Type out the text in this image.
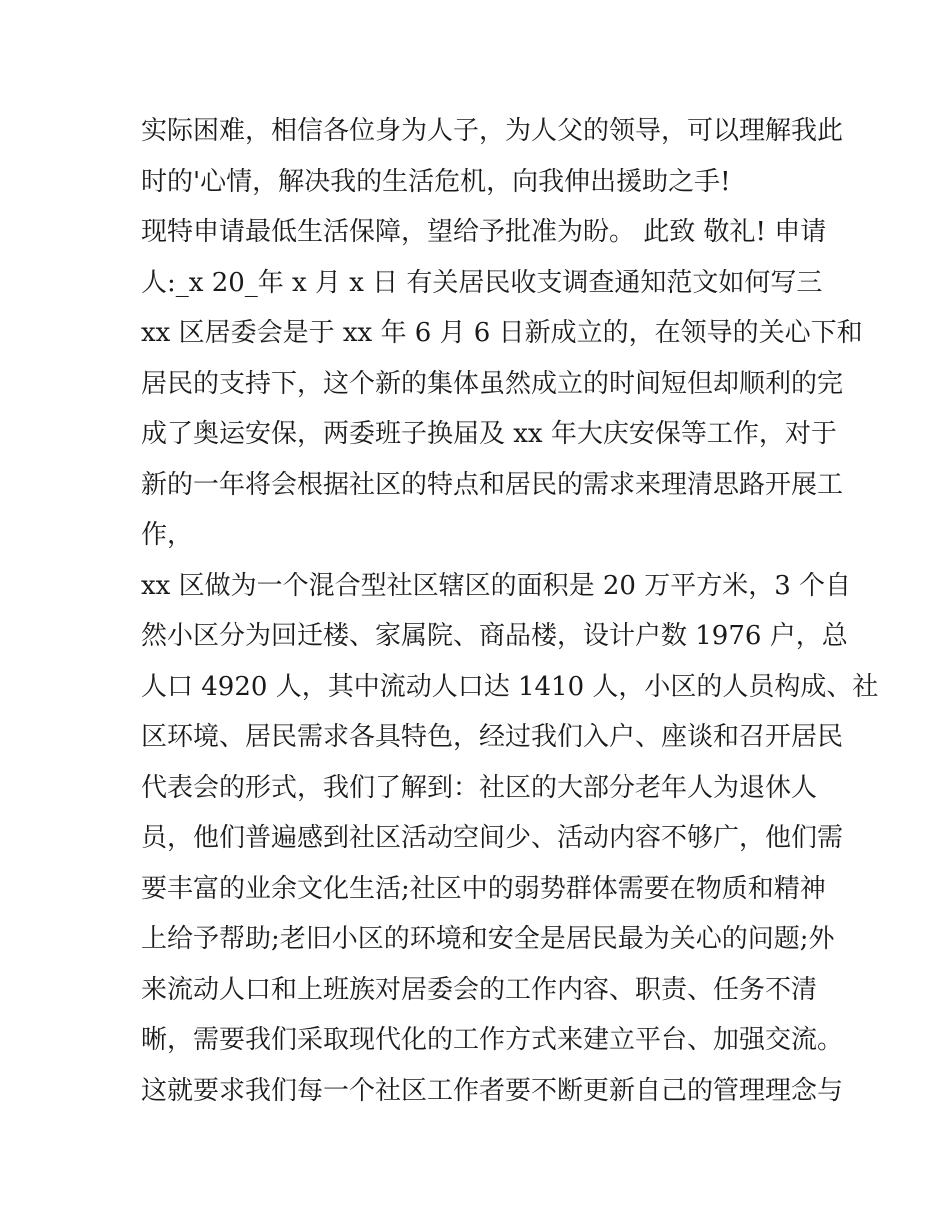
实际困难，相信各位身为人子，为人父的领导，可以理解我此
时的'心情，解决我的生活危机，向我伸出援助之手!
现特申请最低生活保障，望给予批准为盼。 此致 敬礼! 申请
人:_x 20_年 x 月 x 日 有关居民收支调查通知范文如何写三
xx 区居委会是于 xx 年 6 月 6 日新成立的，在领导的关心下和
居民的支持下，这个新的集体虽然成立的时间短但却顺利的完
成了奥运安保，两委班子换届及 xx 年大庆安保等工作，对于
新的一年将会根据社区的特点和居民的需求来理清思路开展工
作，
xx 区做为一个混合型社区辖区的面积是 20 万平方米，3 个自
然小区分为回迁楼、家属院、商品楼，设计户数 1976 户，总
人口 4920 人，其中流动人口达 1410 人，小区的人员构成、社
区环境、居民需求各具特色，经过我们入户、座谈和召开居民
代表会的形式，我们了解到：社区的大部分老年人为退休人
员，他们普遍感到社区活动空间少、活动内容不够广，他们需
要丰富的业余文化生活;社区中的弱势群体需要在物质和精神
上给予帮助;老旧小区的环境和安全是居民最为关心的问题;外
来流动人口和上班族对居委会的工作内容、职责、任务不清
晰，需要我们采取现代化的工作方式来建立平台、加强交流。
这就要求我们每一个社区工作者要不断更新自己的管理理念与
